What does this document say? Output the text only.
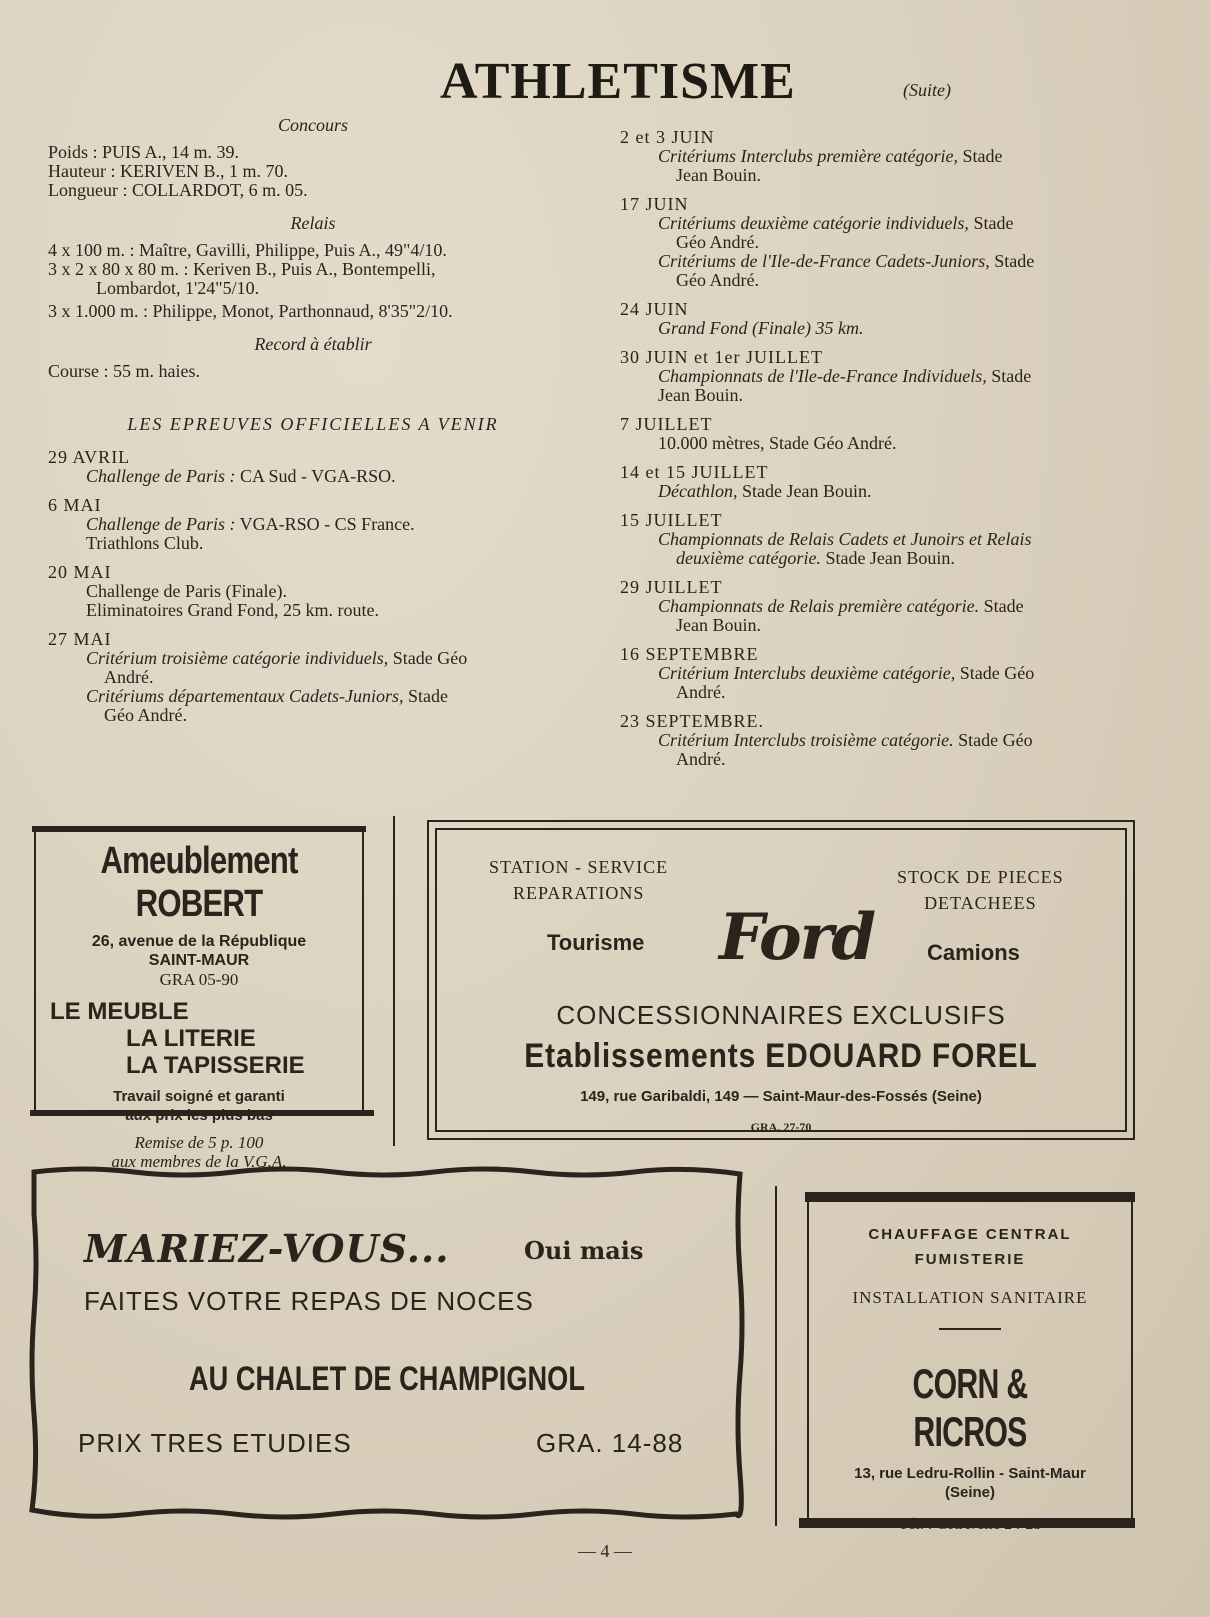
ATHLETISME	(Suite)
Concours
Poids : PUIS A., 14 m. 39.
Hauteur : KERIVEN B., 1 m. 70.
Longueur : COLLARDOT, 6 m. 05.
Relais
4 x 100 m. : Maître, Gavilli, Philippe, Puis A., 49"4/10.
3 x 2 x 80 x 80 m. : Keriven B., Puis A., Bontempelli,
Lombardot, 1'24"5/10.
3 x 1.000 m. : Philippe, Monot, Parthonnaud, 8'35"2/10.
Record à établir
Course : 55 m. haies.
LES EPREUVES OFFICIELLES A VENIR
29 AVRIL
Challenge de Paris : CA Sud - VGA-RSO.
6 MAI
Challenge de Paris : VGA-RSO - CS France.
Triathlons Club.
20 MAI
Challenge de Paris (Finale).
Eliminatoires Grand Fond, 25 km. route.
27 MAI
Critérium troisième catégorie individuels, Stade Géo
André.
Critériums départementaux Cadets-Juniors, Stade
Géo André.
2 et 3 JUIN
Critériums Interclubs première catégorie, Stade
Jean Bouin.
17 JUIN
Critériums deuxième catégorie individuels, Stade
Géo André.
Critériums de l'Ile-de-France Cadets-Juniors, Stade
Géo André.
24 JUIN
Grand Fond (Finale) 35 km.
30 JUIN et 1er JUILLET
Championnats de l'Ile-de-France Individuels, Stade
Jean Bouin.
7 JUILLET
10.000 mètres, Stade Géo André.
14 et 15 JUILLET
Décathlon, Stade Jean Bouin.
15 JUILLET
Championnats de Relais Cadets et Junoirs et Relais
deuxième catégorie. Stade Jean Bouin.
29 JUILLET
Championnats de Relais première catégorie. Stade
Jean Bouin.
16 SEPTEMBRE
Critérium Interclubs deuxième catégorie, Stade Géo
André.
23 SEPTEMBRE.
Critérium Interclubs troisième catégorie. Stade Géo
André.
Ameublement ROBERT
26, avenue de la République
SAINT-MAUR
GRA 05-90
LE MEUBLE
LA LITERIE
LA TAPISSERIE
Travail soigné et garanti
Remise de 5 p. 100
aux membres de la V.G.A.
STATION - SERVICE
REPARATIONS
STOCK DE PIECES
DETACHEES
Tourisme Ford Camions
CONCESSIONNAIRES EXCLUSIFS
Etablissements EDOUARD FOREL
149, rue Garibaldi, 149 — Saint-Maur-des-Fossés (Seine)
GRA. 27-70
MARIEZ-VOUS...	Oui mais
FAITES VOTRE REPAS DE NOCES
AU CHALET DE CHAMPIGNOL
PRIX TRES ETUDIES	GRA. 14-88
CHAUFFAGE CENTRAL
FUMISTERIE
INSTALLATION SANITAIRE
CORN & RICROS
13, rue Ledru-Rollin - Saint-Maur
(Seine)
— 4 —
